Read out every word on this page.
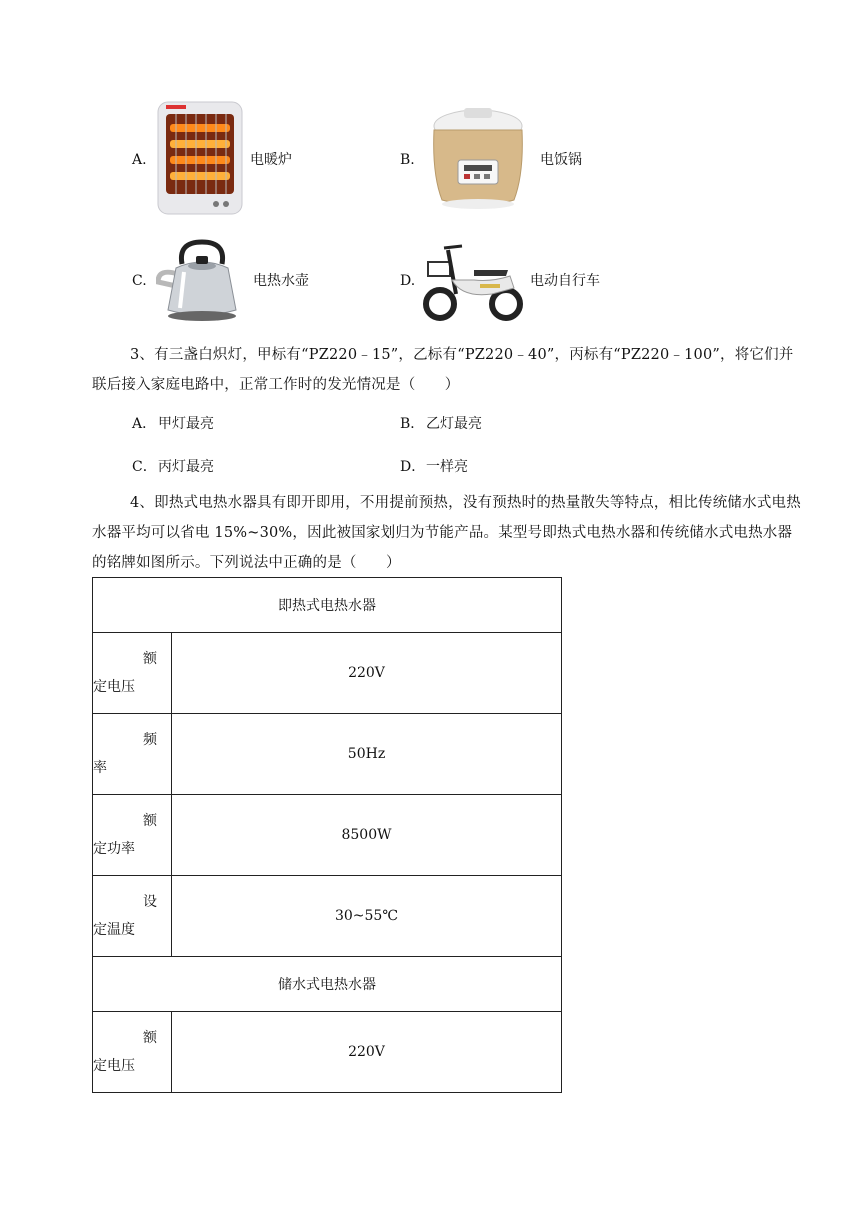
A.	电暖炉	B.	电饭锅
C.	电热水壶	D.	电动自行车
3、有三盏白炽灯，甲标有“PZ220﹣15”，乙标有“PZ220﹣40”，丙标有“PZ220﹣100”，将它们并联后接入家庭电路中，正常工作时的发光情况是（　　）
A． 甲灯最亮	B． 乙灯最亮
C． 丙灯最亮	D． 一样亮
4、即热式电热水器具有即开即用，不用提前预热，没有预热时的热量散失等特点，相比传统储水式电热水器平均可以省电 15%~30%，因此被国家划归为节能产品。某型号即热式电热水器和传统储水式电热水器的铭牌如图所示。下列说法中正确的是（　　）
即热式电热水器	

额
定电压	220V

频
率	50Hz

额
定功率	8500W

设
定温度	30~55℃
储水式电热水器	

额
定电压	220V
